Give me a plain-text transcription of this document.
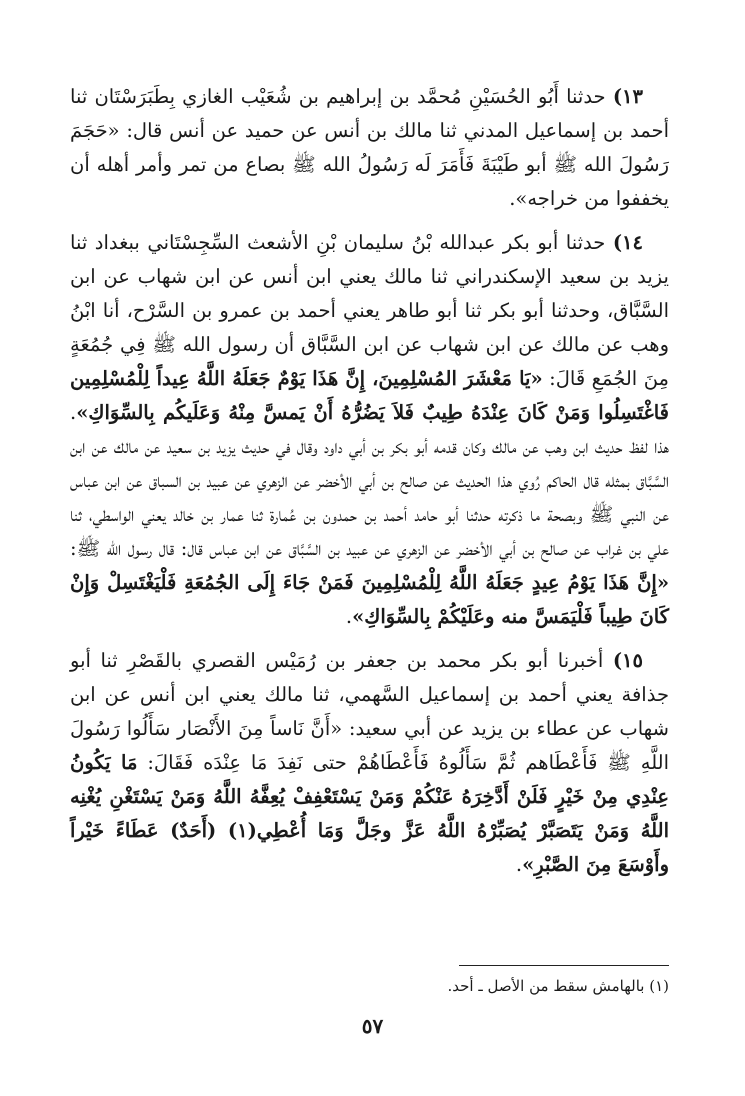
١٣) حدثنا أَبُو الحُسَيْنِ مُحمَّد بن إبراهيم بن شُعَيْب الغازي بِطَبَرَسْتَان ثنا أحمد بن إسماعيل المدني ثنا مالك بن أنس عن حميد عن أنس قال: «حَجَمَ رَسُولَ الله ﷺ أبو طَيْبَةَ فَأَمَرَ لَه رَسُولُ الله ﷺ بصاع من تمر وأمر أهله أن يخففوا من خراجه».

١٤) حدثنا أبو بكر عبدالله بْنُ سليمان بْنِ الأشعث السِّجِسْتَاني ببغداد ثنا يزيد بن سعيد الإسكندراني ثنا مالك يعني ابن أنس عن ابن شهاب عن ابن السَّبَّاق، وحدثنا أبو بكر ثنا أبو طاهر يعني أحمد بن عمرو بن السَّرْح، أنا ابْنُ وهب عن مالك عن ابن شهاب عن ابن السَّبَّاق أن رسول الله ﷺ فِي جُمُعَةٍ مِنَ الجُمَعِ قَالَ: «يَا مَعْشَرَ المُسْلِمِينَ، إِنَّ هَذَا يَوْمٌ جَعَلَهُ اللَّهُ عِيداً لِلْمُسْلِمِين فَاغْتَسِلُوا وَمَنْ كَانَ عِنْدَهُ طِيبٌ فَلاَ يَضُرُّهُ أَنْ يَمسَّ مِنْهُ وَعَلَيكُم بِالسِّوَاكِ». هذا لفظ حديث ابن وهب عن مالك وكان قدمه أبو بكر بن أبي داود وقال في حديث يزيد بن سعيد عن مالك عن ابن السَّبَّاق بمثله قال الحاكم رُوي هذا الحديث عن صالح بن أبي الأخضر عن الزهري عن عبيد بن السباق عن ابن عباس عن النبي ﷺ وبصحة ما ذكرته حدثنا أبو حامد أحمد بن حمدون بن عُمارة ثنا عمار بن خالد يعني الواسطي، ثنا علي بن غراب عن صالح بن أبي الأخضر عن الزهري عن عبيد بن السَّبَّاق عن ابن عباس قال: قال رسول الله ﷺ: «إِنَّ هَذَا يَوْمُ عِيدٍ جَعَلَهُ اللَّهُ لِلْمُسْلِمِينَ فَمَنْ جَاءَ إِلَى الجُمُعَةِ فَلْيَغْتَسِلْ وَإِنْ كَانَ طِيباً فَلْيَمَسَّ منه وعَلَيْكُمْ بِالسِّوَاكِ».

١٥) أخبرنا أبو بكر محمد بن جعفر بن رُمَيْس القصري بالقَصْرِ ثنا أبو جذافة يعني أحمد بن إسماعيل السَّهمي، ثنا مالك يعني ابن أنس عن ابن شهاب عن عطاء بن يزيد عن أبي سعيد: «أَنَّ نَاساً مِنَ الأَنْصَار سَأَلُوا رَسُولَ اللَّهِ ﷺ فَأَعْطَاهم ثُمَّ سَأَلُوهُ فَأَعْطَاهُمْ حتى نَفِدَ مَا عِنْدَه فَقَالَ: مَا يَكُونُ عِنْدِي مِنْ خَيْرٍ فَلَنْ أَدَّخِرَهُ عَنْكُمْ وَمَنْ يَسْتَعْفِفْ يُعِفَّهُ اللَّهُ وَمَنْ يَسْتَغْنِ يُغْنِه اللَّهُ وَمَنْ يَتَصَبَّرْ يُصَبِّرْهُ اللَّهُ عَزَّ وجَلَّ وَمَا أُعْطِي(١) (أَحَدٌ) عَطَاءً خَيْراً وأَوْسَعَ مِنَ الصَّبْرِ».

(١) بالهامش سقط من الأصل ـ أحد.
٥٧
